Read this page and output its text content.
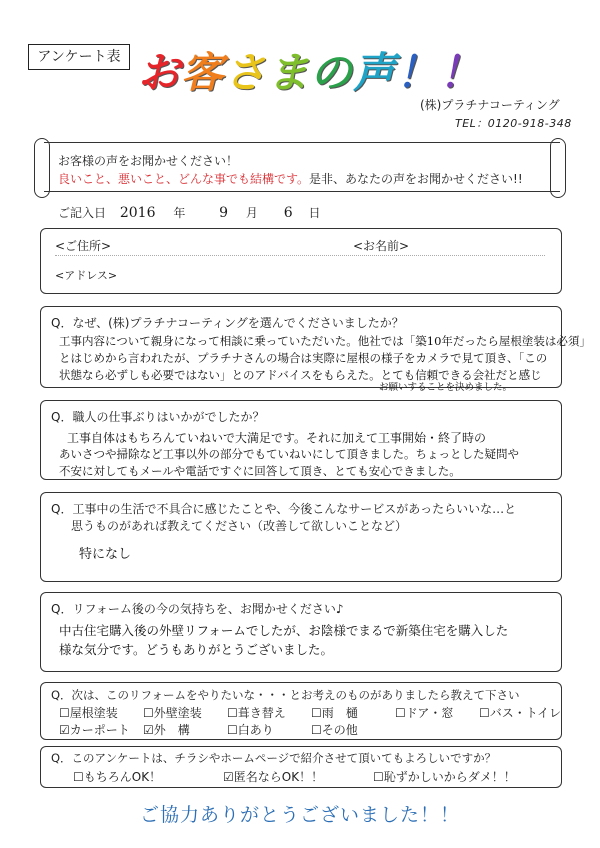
アンケート表 お客さまの声！！
(株)プラチナコーティング
TEL：0120-918-348
お客様の声をお聞かせください！
良いこと、悪いこと、どんな事でも結構です。是非、あなたの声をお聞かせください!!
ご記入日 2016 年 9 月 6 日
<ご住所>	<お名前>
<アドレス>
Q．なぜ、(株)プラチナコーティングを選んでくださいましたか？
工事内容について親身になって相談に乗っていただいた。他社では「築10年だったら屋根塗装は必須」
とはじめから言われたが、プラチナさんの場合は実際に屋根の様子をカメラで見て頂き、「この
状態なら必ずしも必要ではない」とのアドバイスをもらえた。とても信頼できる会社だと感じ
お願いすることを決めました。
Q．職人の仕事ぶりはいかがでしたか？
工事自体はもちろんていねいで大満足です。それに加えて工事開始・終了時の
あいさつや掃除など工事以外の部分でもていねいにして頂きました。ちょっとした疑問や
不安に対してもメールや電話ですぐに回答して頂き、とても安心できました。
Q．工事中の生活で不具合に感じたことや、今後こんなサービスがあったらいいな…と
思うものがあれば教えてください（改善して欲しいことなど）
特になし
Q．リフォーム後の今の気持ちを、お聞かせください♪
中古住宅購入後の外壁リフォームでしたが、お陰様でまるで新築住宅を購入した
様な気分です。どうもありがとうございました。
Q．次は、このリフォームをやりたいな・・・とお考えのものがありましたら教えて下さい
☐屋根塗装 ☐外壁塗装 ☐葺き替え ☐雨　樋	☐ドア・窓 ☐バス・トイレ
☑カーポート ☑外　構	☐白あり	☐その他
Q．このアンケートは、チラシやホームページで紹介させて頂いてもよろしいですか？
☐もちろんOK！	☑匿名ならOK！！	☐恥ずかしいからダメ！！
ご協力ありがとうございました！！
